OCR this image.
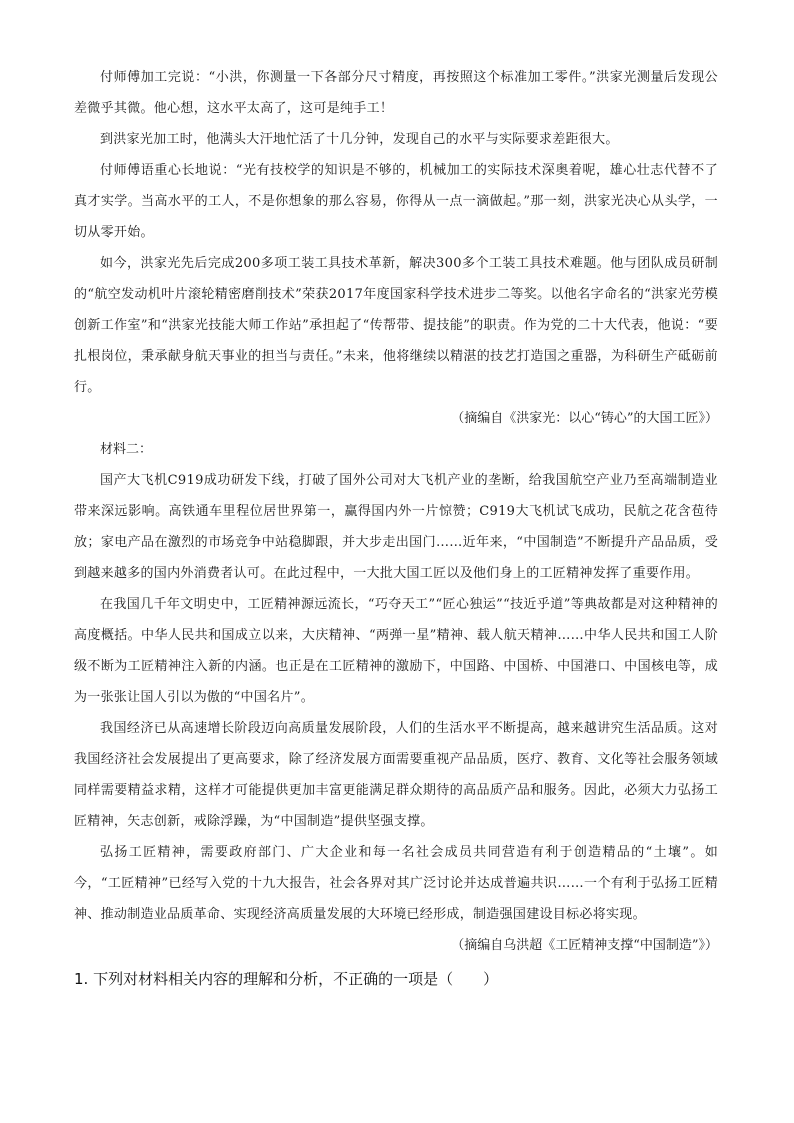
付师傅加工完说：“小洪，你测量一下各部分尺寸精度，再按照这个标准加工零件。”洪家光测量后发现公差微乎其微。他心想，这水平太高了，这可是纯手工！

到洪家光加工时，他满头大汗地忙活了十几分钟，发现自己的水平与实际要求差距很大。

付师傅语重心长地说：“光有技校学的知识是不够的，机械加工的实际技术深奥着呢，雄心壮志代替不了真才实学。当高水平的工人，不是你想象的那么容易，你得从一点一滴做起。”那一刻，洪家光决心从头学，一切从零开始。

如今，洪家光先后完成200多项工装工具技术革新，解决300多个工装工具技术难题。他与团队成员研制的“航空发动机叶片滚轮精密磨削技术”荣获2017年度国家科学技术进步二等奖。以他名字命名的“洪家光劳模创新工作室”和“洪家光技能大师工作站”承担起了“传帮带、提技能”的职责。作为党的二十大代表，他说：“要扎根岗位，秉承献身航天事业的担当与责任。”未来，他将继续以精湛的技艺打造国之重器，为科研生产砥砺前行。

（摘编自《洪家光：以心“铸心”的大国工匠》）

材料二：

国产大飞机C919成功研发下线，打破了国外公司对大飞机产业的垄断，给我国航空产业乃至高端制造业带来深远影响。高铁通车里程位居世界第一，赢得国内外一片惊赞；C919大飞机试飞成功，民航之花含苞待放；家电产品在激烈的市场竞争中站稳脚跟，并大步走出国门……近年来，“中国制造”不断提升产品品质，受到越来越多的国内外消费者认可。在此过程中，一大批大国工匠以及他们身上的工匠精神发挥了重要作用。

在我国几千年文明史中，工匠精神源远流长，“巧夺天工”“匠心独运”“技近乎道”等典故都是对这种精神的高度概括。中华人民共和国成立以来，大庆精神、“两弹一星”精神、载人航天精神……中华人民共和国工人阶级不断为工匠精神注入新的内涵。也正是在工匠精神的激励下，中国路、中国桥、中国港口、中国核电等，成为一张张让国人引以为傲的“中国名片”。

我国经济已从高速增长阶段迈向高质量发展阶段，人们的生活水平不断提高，越来越讲究生活品质。这对我国经济社会发展提出了更高要求，除了经济发展方面需要重视产品品质，医疗、教育、文化等社会服务领域同样需要精益求精，这样才可能提供更加丰富更能满足群众期待的高品质产品和服务。因此，必须大力弘扬工匠精神，矢志创新，戒除浮躁，为“中国制造”提供坚强支撑。

弘扬工匠精神，需要政府部门、广大企业和每一名社会成员共同营造有利于创造精品的“土壤”。如今，“工匠精神”已经写入党的十九大报告，社会各界对其广泛讨论并达成普遍共识……一个有利于弘扬工匠精神、推动制造业品质革命、实现经济高质量发展的大环境已经形成，制造强国建设目标必将实现。

（摘编自乌洪超《工匠精神支撑“中国制造”》）

1. 下列对材料相关内容的理解和分析，不正确的一项是（　　）
